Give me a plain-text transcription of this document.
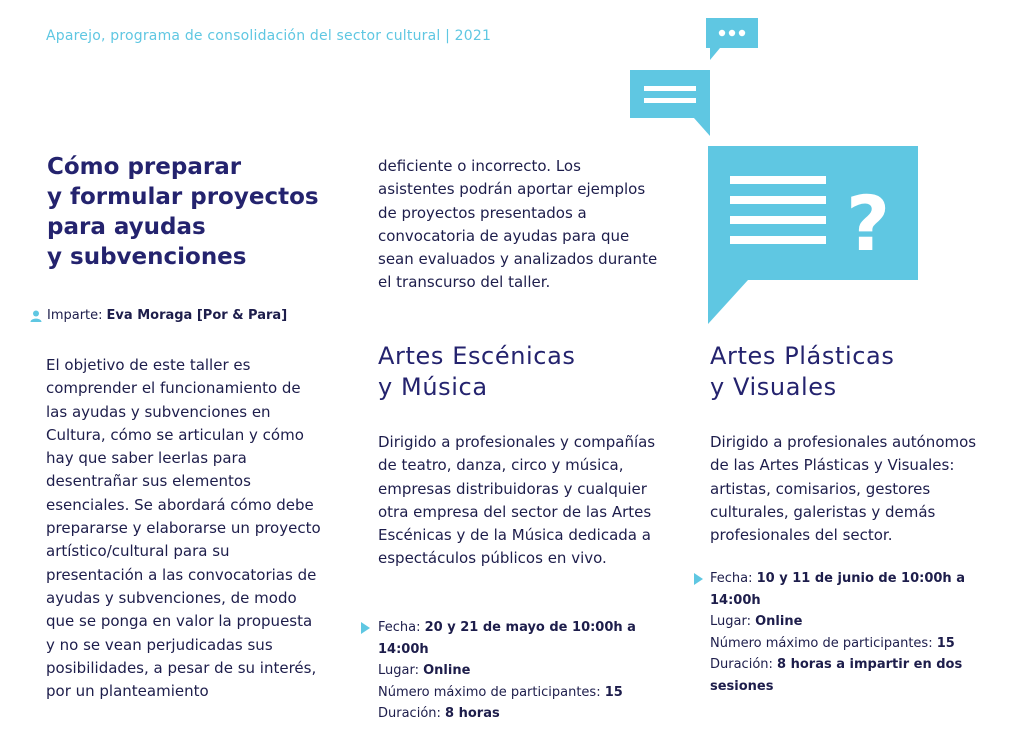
Aparejo, programa de consolidación del sector cultural | 2021
?
Cómo preparar
y formular proyectos
para ayudas
y subvenciones
Imparte: Eva Moraga [Por & Para]
El objetivo de este taller es comprender el funcionamiento de las ayudas y subvenciones en Cultura, cómo se articulan y cómo hay que saber leerlas para desentrañar sus elementos esenciales. Se abordará cómo debe prepararse y elaborarse un proyecto artístico/cultural para su presentación a las convocatorias de ayudas y subvenciones, de modo que se ponga en valor la propuesta y no se vean perjudicadas sus posibilidades, a pesar de su interés, por un planteamiento
deficiente o incorrecto. Los asistentes podrán aportar ejemplos de proyectos presentados a convocatoria de ayudas para que sean evaluados y analizados durante el transcurso del taller.
Artes Escénicas
y Música
Dirigido a profesionales y compañías de teatro, danza, circo y música, empresas distribuidoras y cualquier otra empresa del sector de las Artes Escénicas y de la Música dedicada a espectáculos públicos en vivo.
Fecha: 20 y 21 de mayo de 10:00h a 14:00h
Lugar: Online
Número máximo de participantes: 15
Duración: 8 horas
Artes Plásticas
y Visuales
Dirigido a profesionales autónomos de las Artes Plásticas y Visuales: artistas, comisarios, gestores culturales, galeristas y demás profesionales del sector.
Fecha: 10 y 11 de junio de 10:00h a 14:00h
Lugar: Online
Número máximo de participantes: 15
Duración: 8 horas a impartir en dos sesiones
